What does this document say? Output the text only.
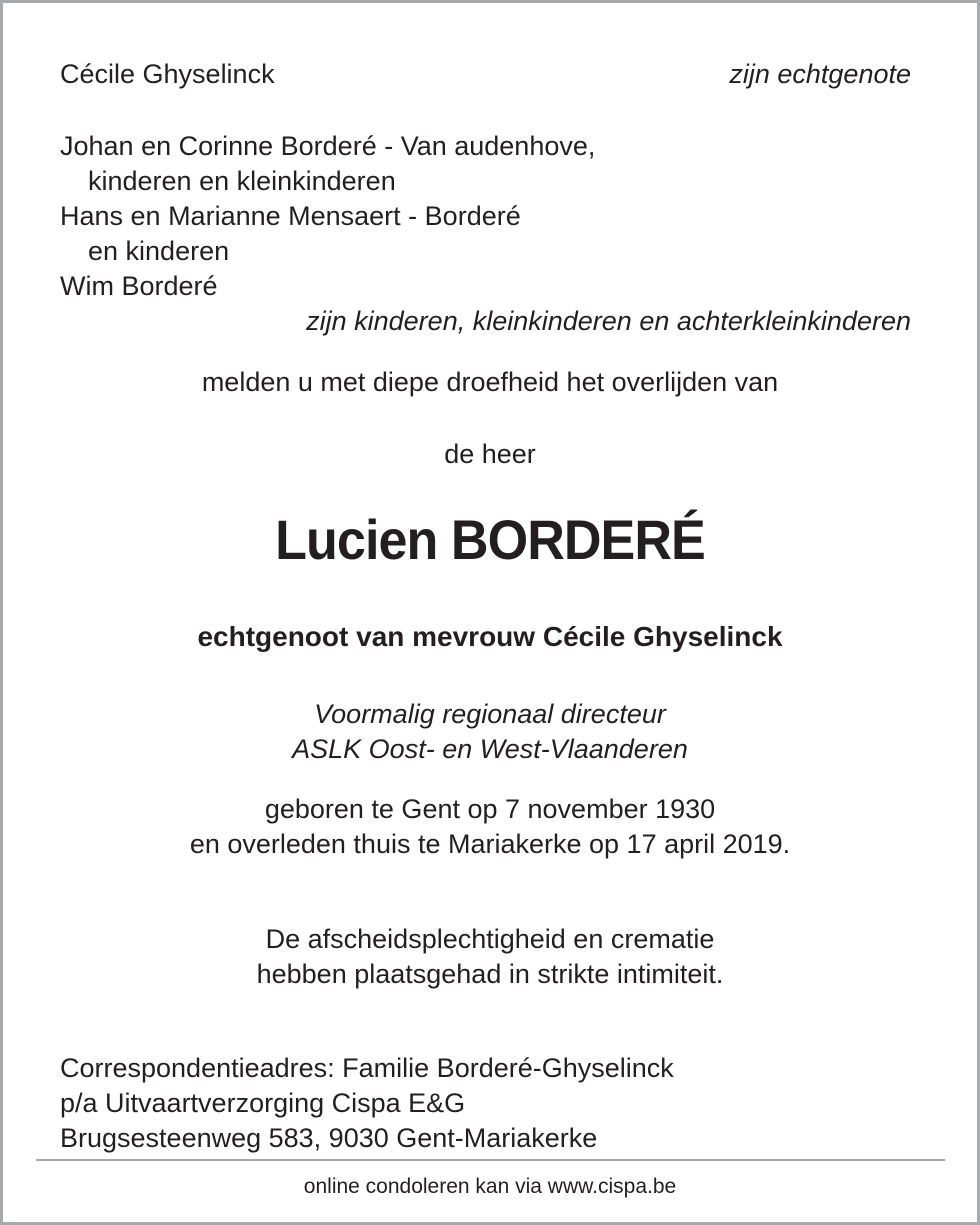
Cécile Ghyselinck	zijn echtgenote
Johan en Corinne Borderé - Van audenhove,
kinderen en kleinkinderen
Hans en Marianne Mensaert - Borderé
en kinderen
Wim Borderé
zijn kinderen, kleinkinderen en achterkleinkinderen
melden u met diepe droefheid het overlijden van
de heer
Lucien BORDERÉ
echtgenoot van mevrouw Cécile Ghyselinck
Voormalig regionaal directeur
ASLK Oost- en West-Vlaanderen
geboren te Gent op 7 november 1930
en overleden thuis te Mariakerke op 17 april 2019.
De afscheidsplechtigheid en crematie
hebben plaatsgehad in strikte intimiteit.
Correspondentieadres: Familie Borderé-Ghyselinck
p/a Uitvaartverzorging Cispa E&G
Brugsesteenweg 583, 9030 Gent-Mariakerke
online condoleren kan via www.cispa.be
